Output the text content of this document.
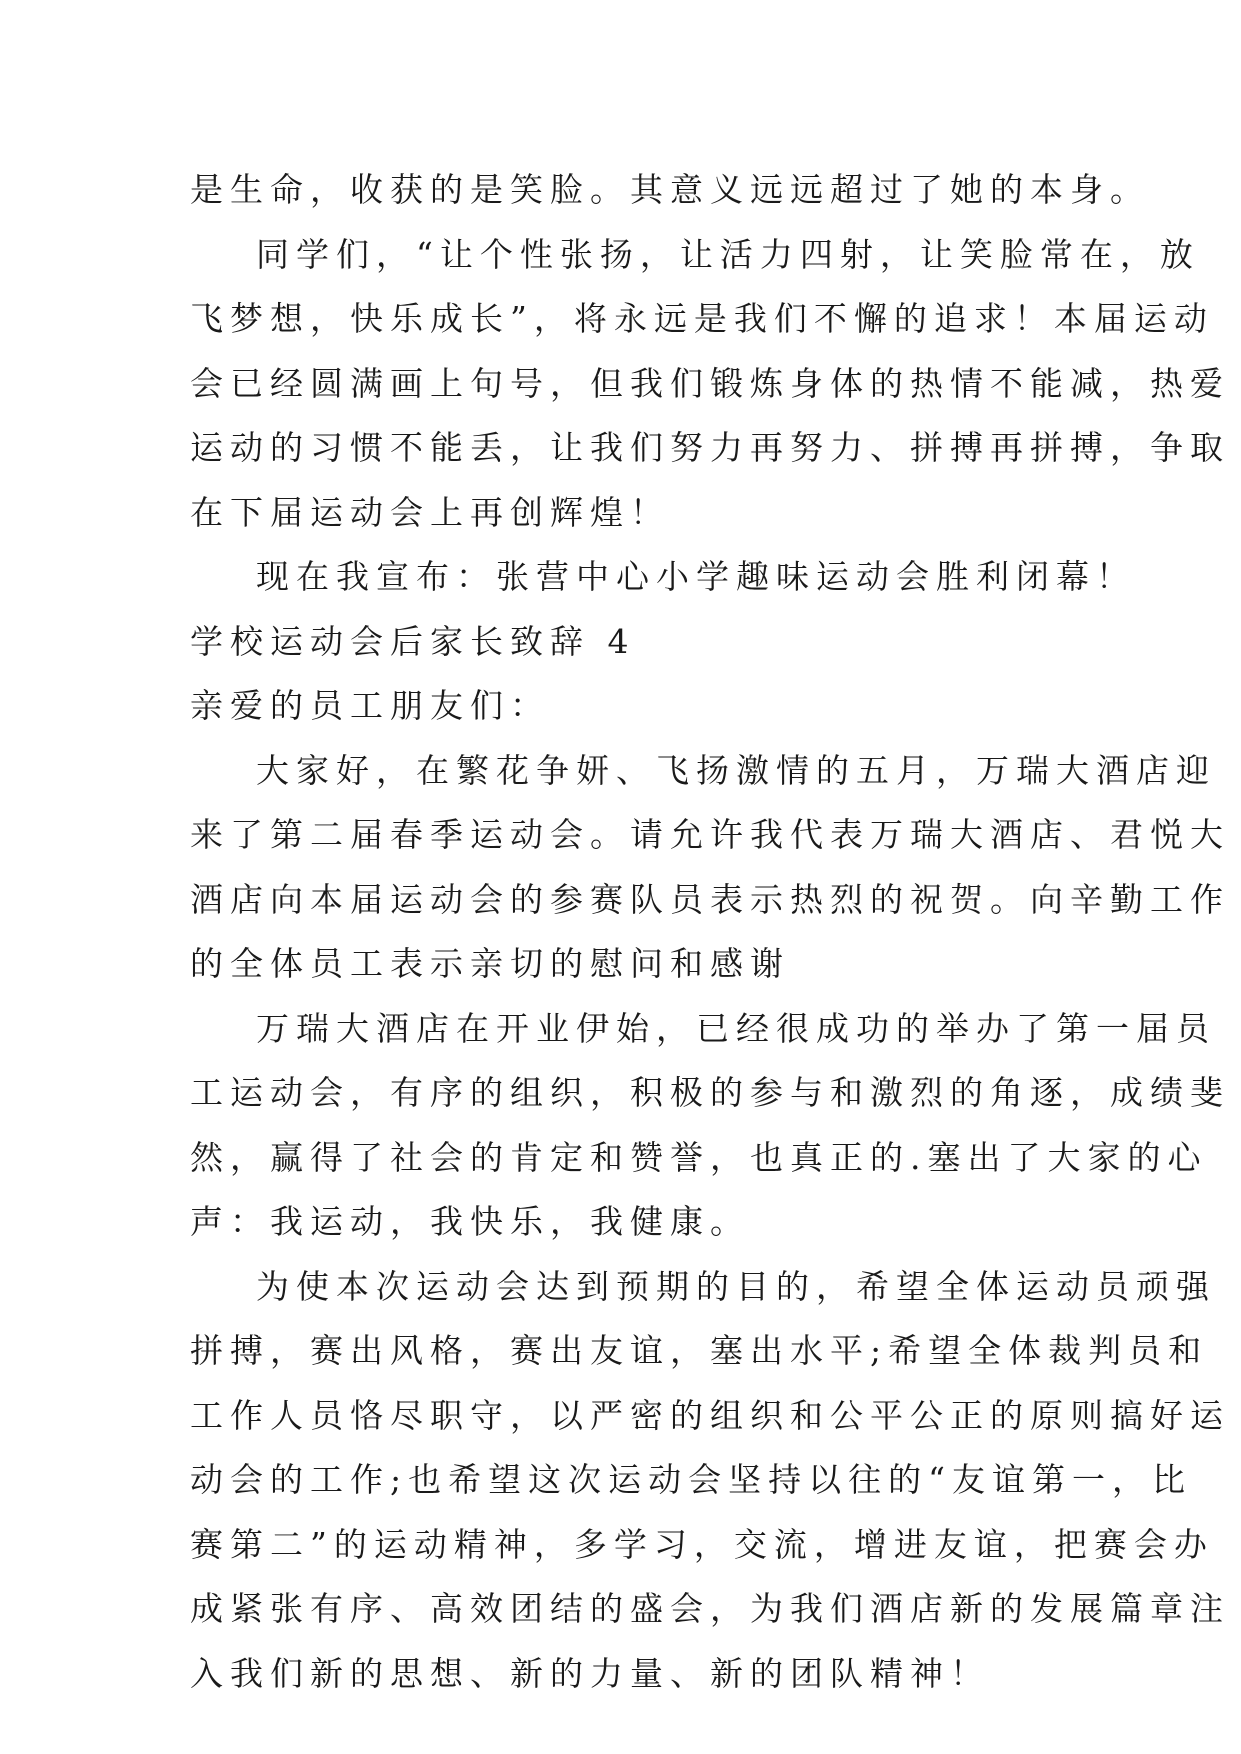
是生命，收获的是笑脸。其意义远远超过了她的本身。
同学们，“让个性张扬，让活力四射，让笑脸常在，放
飞梦想，快乐成长”，将永远是我们不懈的追求！本届运动
会已经圆满画上句号，但我们锻炼身体的热情不能减，热爱
运动的习惯不能丢，让我们努力再努力、拼搏再拼搏，争取
在下届运动会上再创辉煌！
现在我宣布：张营中心小学趣味运动会胜利闭幕！
学校运动会后家长致辞 4
亲爱的员工朋友们：
大家好，在繁花争妍、飞扬激情的五月，万瑞大酒店迎
来了第二届春季运动会。请允许我代表万瑞大酒店、君悦大
酒店向本届运动会的参赛队员表示热烈的祝贺。向辛勤工作
的全体员工表示亲切的慰问和感谢
万瑞大酒店在开业伊始，已经很成功的举办了第一届员
工运动会，有序的组织，积极的参与和激烈的角逐，成绩斐
然，赢得了社会的肯定和赞誉，也真正的.塞出了大家的心
声：我运动，我快乐，我健康。
为使本次运动会达到预期的目的，希望全体运动员顽强
拼搏，赛出风格，赛出友谊，塞出水平;希望全体裁判员和
工作人员恪尽职守，以严密的组织和公平公正的原则搞好运
动会的工作;也希望这次运动会坚持以往的“友谊第一，比
赛第二”的运动精神，多学习，交流，增进友谊，把赛会办
成紧张有序、高效团结的盛会，为我们酒店新的发展篇章注
入我们新的思想、新的力量、新的团队精神！
